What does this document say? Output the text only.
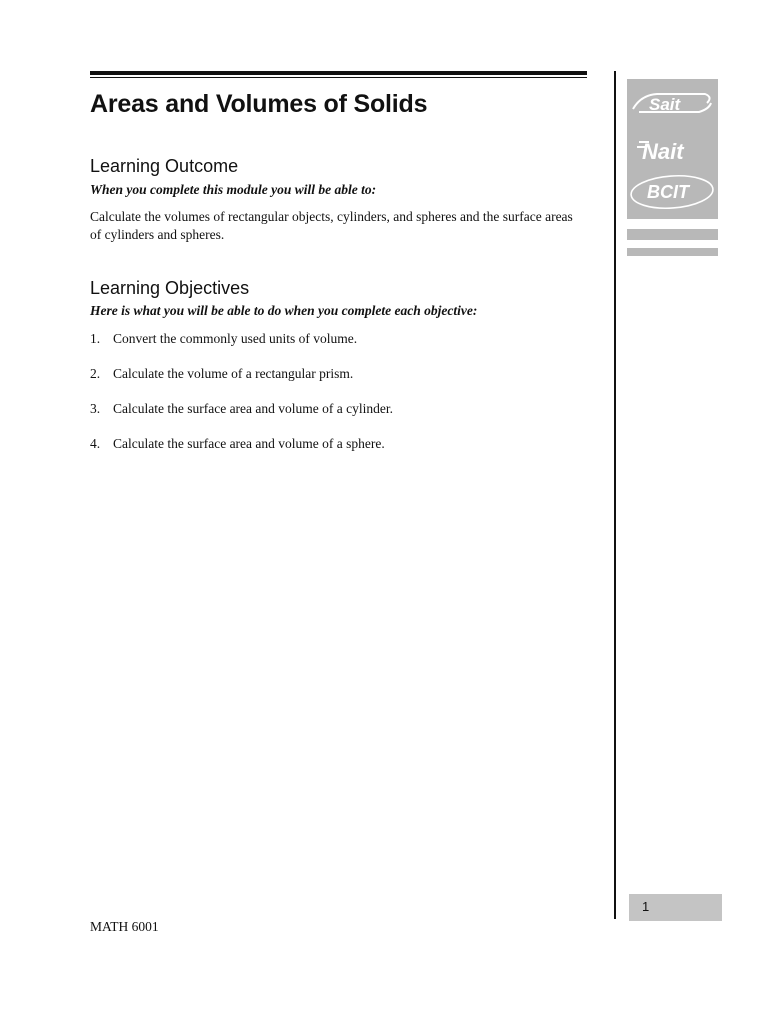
Areas and Volumes of Solids
Learning Outcome

When you complete this module you will be able to:

Calculate the volumes of rectangular objects, cylinders, and spheres and the surface areas of cylinders and spheres.

Learning Objectives

Here is what you will be able to do when you complete each objective:

1. Convert the commonly used units of volume.
2. Calculate the volume of a rectangular prism.
3. Calculate the surface area and volume of a cylinder.
4. Calculate the surface area and volume of a sphere.
Sait
Nait
BCIT
1
MATH 6001
